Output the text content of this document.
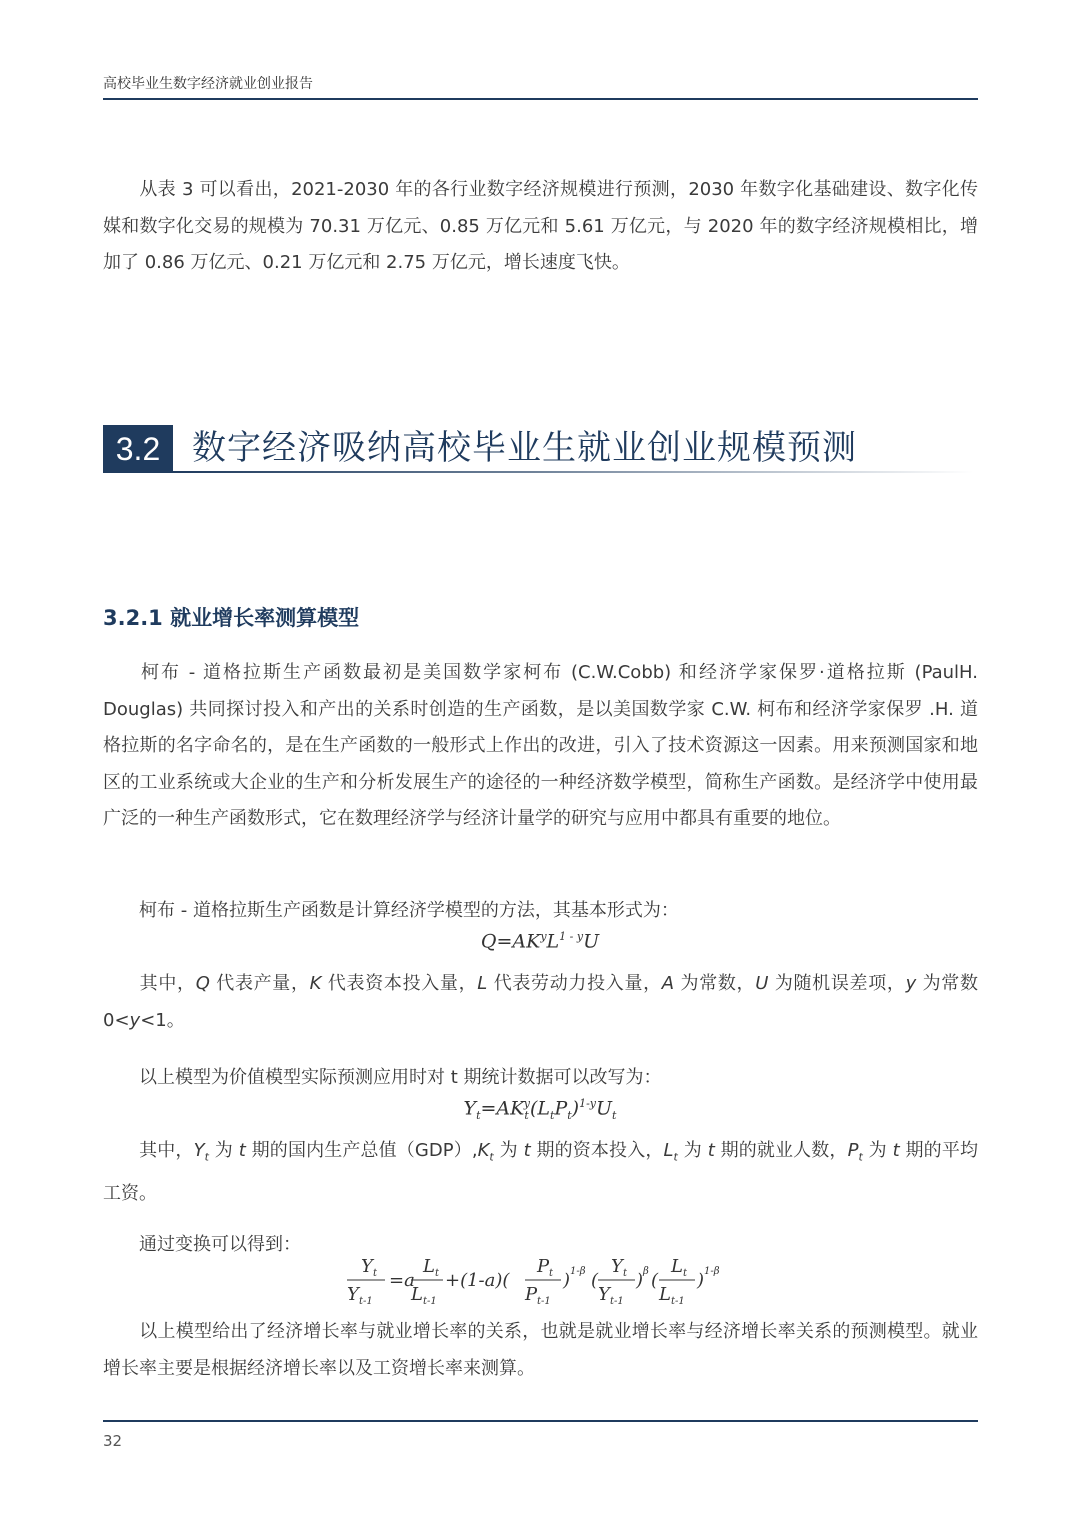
高校毕业生数字经济就业创业报告

从表 3 可以看出，2021-2030 年的各行业数字经济规模进行预测，2030 年数字化基础建设、数字化传媒和数字化交易的规模为 70.31 万亿元、0.85 万亿元和 5.61 万亿元，与 2020 年的数字经济规模相比，增加了 0.86 万亿元、0.21 万亿元和 2.75 万亿元，增长速度飞快。

3.2 数字经济吸纳高校毕业生就业创业规模预测
3.2.1 就业增长率测算模型

柯布 - 道格拉斯生产函数最初是美国数学家柯布 (C.W.Cobb) 和经济学家保罗·道格拉斯 (PaulH. Douglas) 共同探讨投入和产出的关系时创造的生产函数，是以美国数学家 C.W. 柯布和经济学家保罗 .H. 道格拉斯的名字命名的，是在生产函数的一般形式上作出的改进，引入了技术资源这一因素。用来预测国家和地区的工业系统或大企业的生产和分析发展生产的途径的一种经济数学模型，简称生产函数。是经济学中使用最广泛的一种生产函数形式，它在数理经济学与经济计量学的研究与应用中都具有重要的地位。

柯布 - 道格拉斯生产函数是计算经济学模型的方法，其基本形式为：

$Q=AK^yL^{1 - y}U$

其中，Q 代表产量，K 代表资本投入量，L 代表劳动力投入量，A 为常数，U 为随机误差项，y 为常数 0<y<1。

以上模型为价值模型实际预测应用时对 t 期统计数据可以改写为：

$Y_t=AK_t^y(L_tP_t)^{1-y}U_t$

其中，$Y_t$ 为 t 期的国内生产总值$(GDP),K_t$ 为 t 期的资本投入，$L_t$ 为 t 期的就业人数，$P_t$ 为 t 期的平均工资。

通过变换可以得到：

Y t
Y t-1
=a
L t
L t-1
+(1-a)(
P t
P t-1
) 1-β (
Y t
Y t-1
) β (
L t
L t-1
) 1-β

以上模型给出了经济增长率与就业增长率的关系，也就是就业增长率与经济增长率关系的预测模型。就业增长率主要是根据经济增长率以及工资增长率来测算。

32
